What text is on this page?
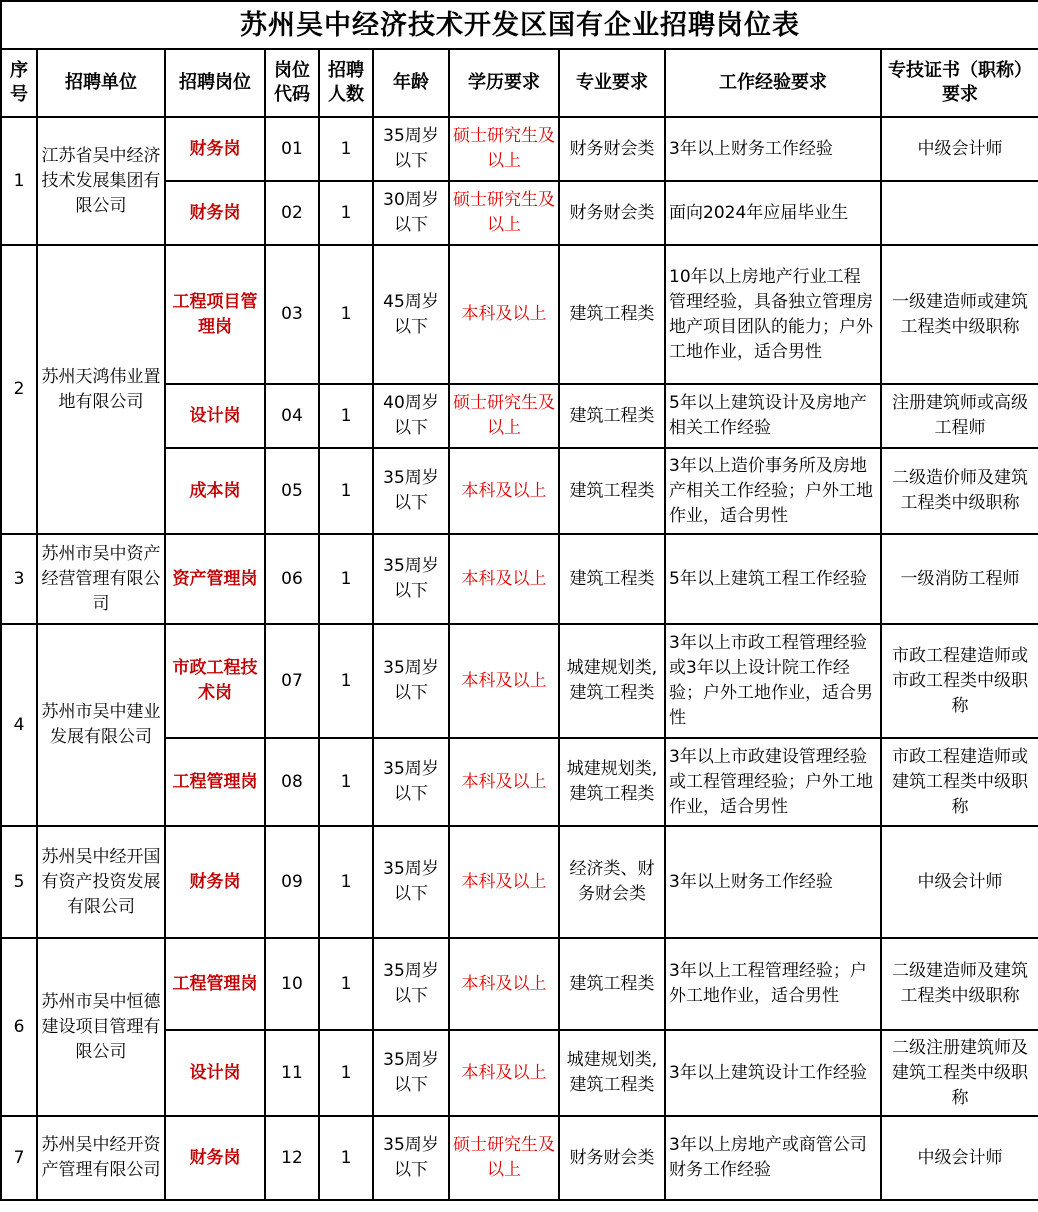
苏州吴中经济技术开发区国有企业招聘岗位表									
序号	招聘单位	招聘岗位	岗位代码	招聘人数	年龄	学历要求	专业要求	工作经验要求	专技证书（职称）要求
1	江苏省吴中经济技术发展集团有限公司	财务岗	01	1	35周岁以下	硕士研究生及以上	财务财会类	3年以上财务工作经验	中级会计师
		财务岗	02	1	30周岁以下	硕士研究生及以上	财务财会类	面向2024年应届毕业生	
2	苏州天鸿伟业置地有限公司	工程项目管理岗	03	1	45周岁以下	本科及以上	建筑工程类	10年以上房地产行业工程管理经验，具备独立管理房地产项目团队的能力；户外工地作业，适合男性	一级建造师或建筑工程类中级职称
		设计岗	04	1	40周岁以下	硕士研究生及以上	建筑工程类	5年以上建筑设计及房地产相关工作经验	注册建筑师或高级工程师
		成本岗	05	1	35周岁以下	本科及以上	建筑工程类	3年以上造价事务所及房地产相关工作经验；户外工地作业，适合男性	二级造价师及建筑工程类中级职称
3	苏州市吴中资产经营管理有限公司	资产管理岗	06	1	35周岁以下	本科及以上	建筑工程类	5年以上建筑工程工作经验	一级消防工程师
4	苏州市吴中建业发展有限公司	市政工程技术岗	07	1	35周岁以下	本科及以上	城建规划类,建筑工程类	3年以上市政工程管理经验或3年以上设计院工作经验；户外工地作业，适合男性	市政工程建造师或市政工程类中级职称
		工程管理岗	08	1	35周岁以下	本科及以上	城建规划类,建筑工程类	3年以上市政建设管理经验或工程管理经验；户外工地作业，适合男性	市政工程建造师或建筑工程类中级职称
5	苏州吴中经开国有资产投资发展有限公司	财务岗	09	1	35周岁以下	本科及以上	经济类、财务财会类	3年以上财务工作经验	中级会计师
6	苏州市吴中恒德建设项目管理有限公司	工程管理岗	10	1	35周岁以下	本科及以上	建筑工程类	3年以上工程管理经验；户外工地作业，适合男性	二级建造师及建筑工程类中级职称
		设计岗	11	1	35周岁以下	本科及以上	城建规划类,建筑工程类	3年以上建筑设计工作经验	二级注册建筑师及建筑工程类中级职称
7	苏州吴中经开资产管理有限公司	财务岗	12	1	35周岁以下	硕士研究生及以上	财务财会类	3年以上房地产或商管公司财务工作经验	中级会计师
